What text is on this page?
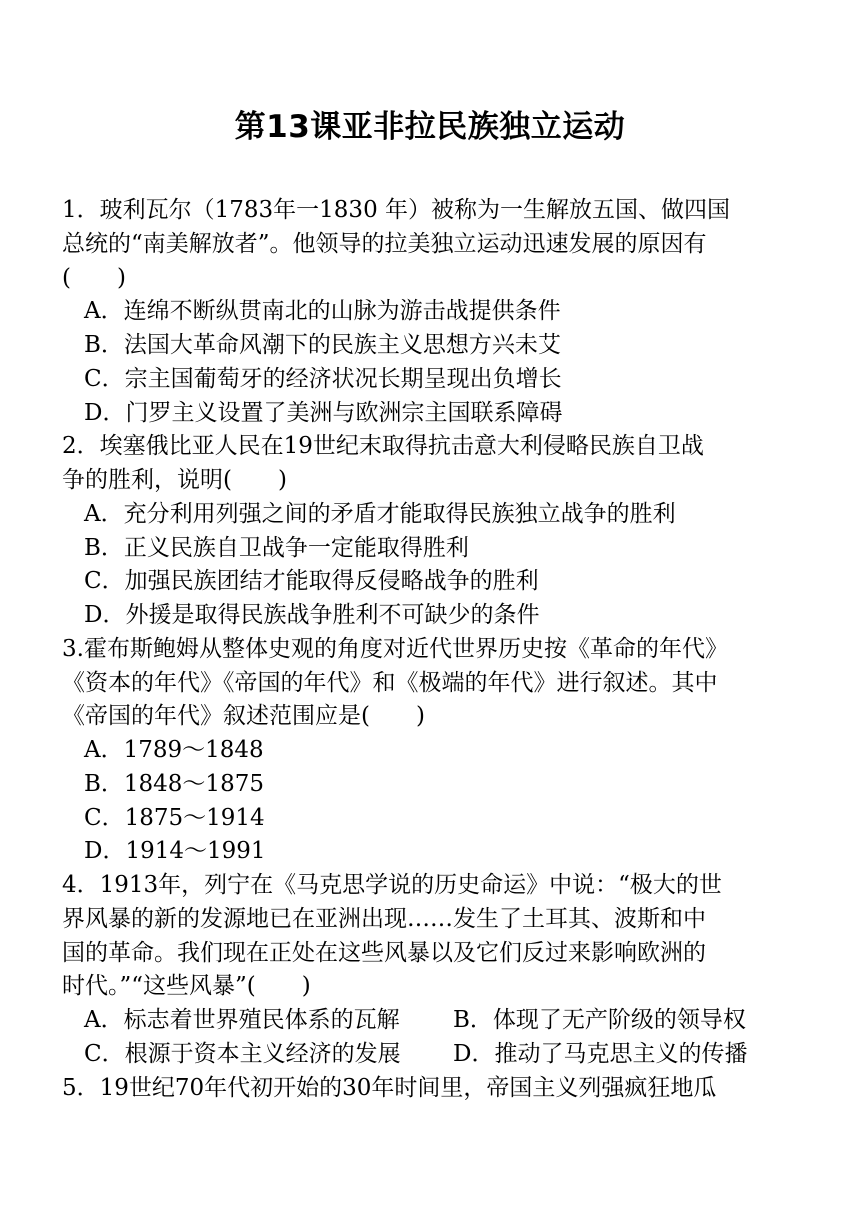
第13课亚非拉民族独立运动
1．玻利瓦尔（1783年一1830 年）被称为一生解放五国、做四国
总统的“南美解放者”。他领导的拉美独立运动迅速发展的原因有
(　　)
A．连绵不断纵贯南北的山脉为游击战提供条件
B．法国大革命风潮下的民族主义思想方兴未艾
C．宗主国葡萄牙的经济状况长期呈现出负增长
D．门罗主义设置了美洲与欧洲宗主国联系障碍
2．埃塞俄比亚人民在19世纪末取得抗击意大利侵略民族自卫战
争的胜利，说明(　　)
A．充分利用列强之间的矛盾才能取得民族独立战争的胜利
B．正义民族自卫战争一定能取得胜利
C．加强民族团结才能取得反侵略战争的胜利
D．外援是取得民族战争胜利不可缺少的条件
3.霍布斯鲍姆从整体史观的角度对近代世界历史按《革命的年代》
《资本的年代》《帝国的年代》和《极端的年代》进行叙述。其中
《帝国的年代》叙述范围应是(　　)
A．1789～1848
B．1848～1875
C．1875～1914
D．1914～1991
4．1913年，列宁在《马克思学说的历史命运》中说：“极大的世
界风暴的新的发源地已在亚洲出现……发生了土耳其、波斯和中
国的革命。我们现在正处在这些风暴以及它们反过来影响欧洲的
时代。”“这些风暴”(　　)
A．标志着世界殖民体系的瓦解	B．体现了无产阶级的领导权
C．根源于资本主义经济的发展	D．推动了马克思主义的传播
5．19世纪70年代初开始的30年时间里，帝国主义列强疯狂地瓜
